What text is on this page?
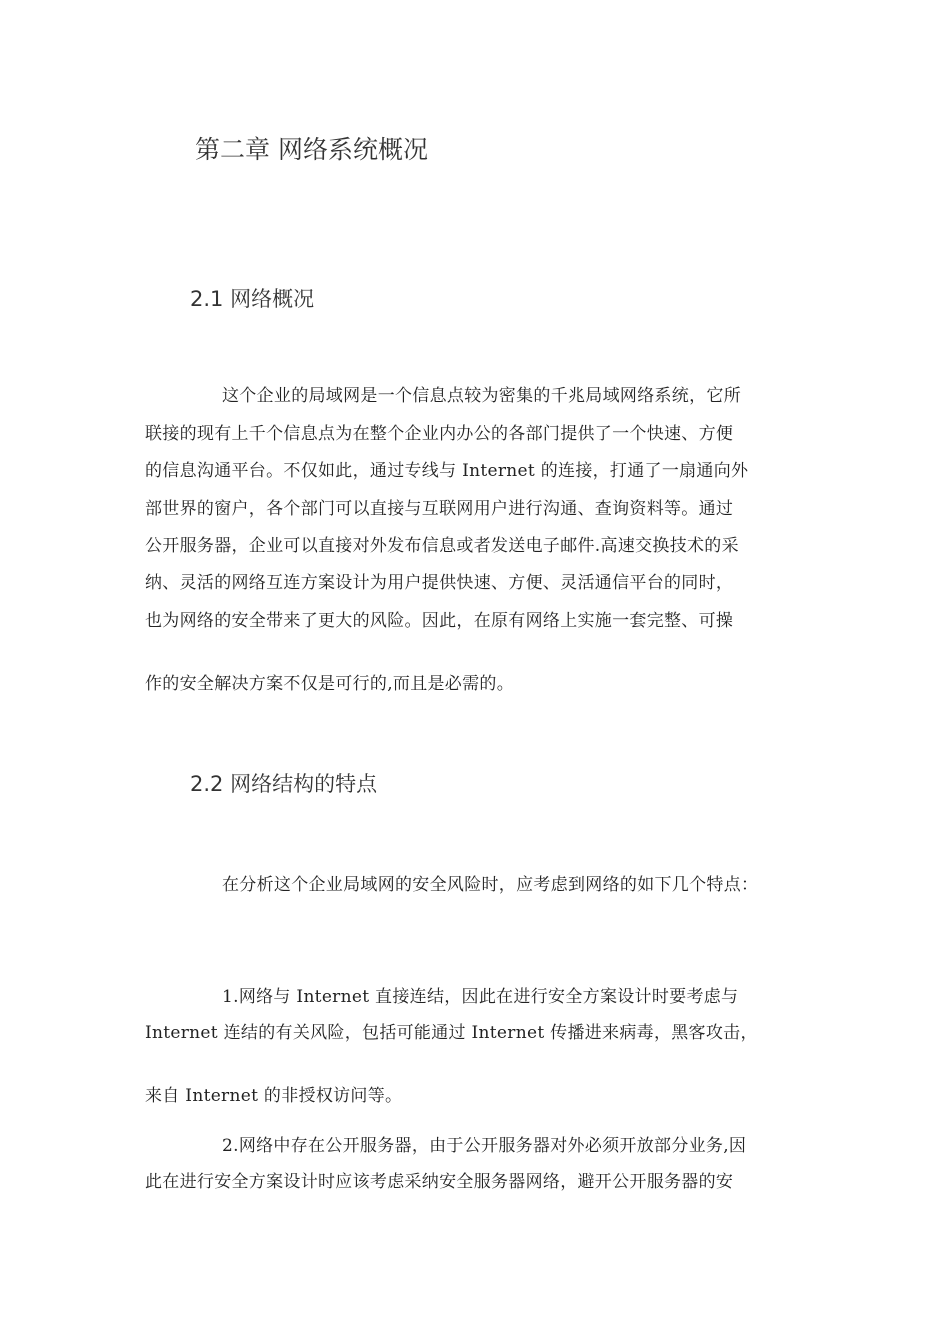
第二章 网络系统概况
2.1 网络概况
这个企业的局域网是一个信息点较为密集的千兆局域网络系统，它所
联接的现有上千个信息点为在整个企业内办公的各部门提供了一个快速、方便
的信息沟通平台。不仅如此，通过专线与 Internet 的连接，打通了一扇通向外
部世界的窗户，各个部门可以直接与互联网用户进行沟通、查询资料等。通过
公开服务器，企业可以直接对外发布信息或者发送电子邮件.高速交换技术的采
纳、灵活的网络互连方案设计为用户提供快速、方便、灵活通信平台的同时，
也为网络的安全带来了更大的风险。因此，在原有网络上实施一套完整、可操
作的安全解决方案不仅是可行的,而且是必需的。
2.2 网络结构的特点
在分析这个企业局域网的安全风险时，应考虑到网络的如下几个特点：
1.网络与 Internet 直接连结，因此在进行安全方案设计时要考虑与
Internet 连结的有关风险，包括可能通过 Internet 传播进来病毒，黑客攻击，
来自 Internet 的非授权访问等。
2.网络中存在公开服务器，由于公开服务器对外必须开放部分业务,因
此在进行安全方案设计时应该考虑采纳安全服务器网络，避开公开服务器的安
